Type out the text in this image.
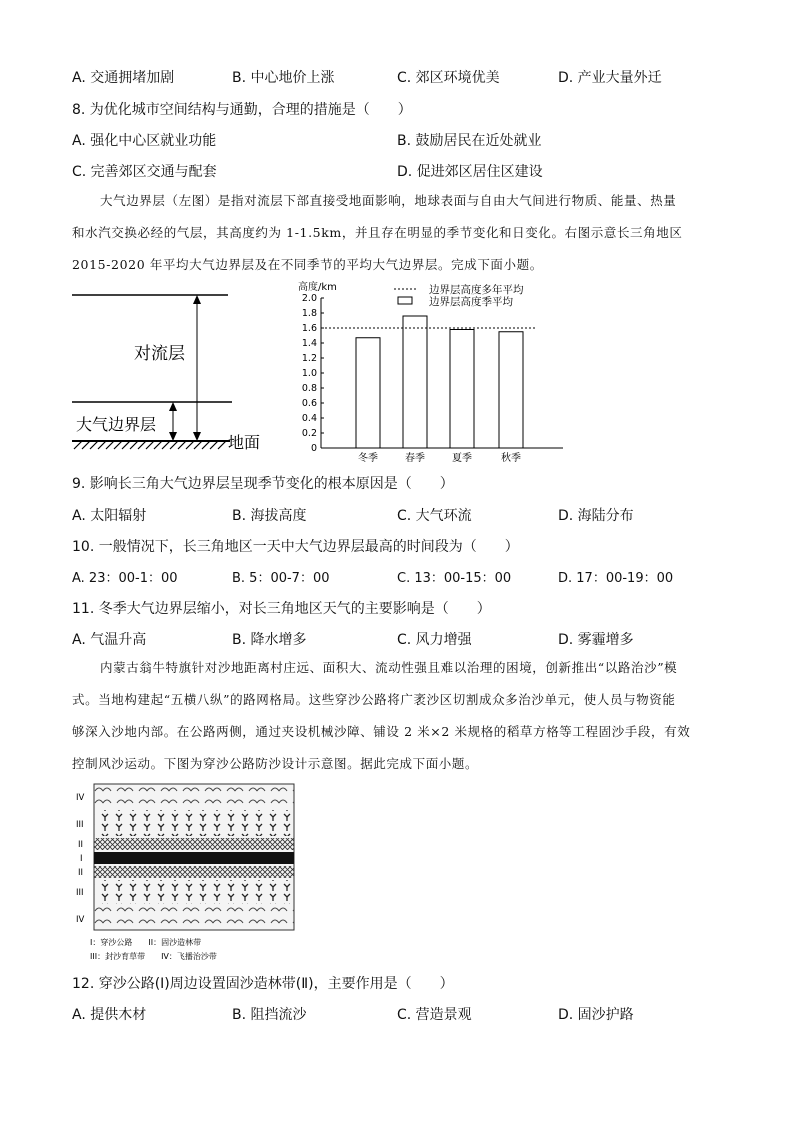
A. 交通拥堵加剧	B. 中心地价上涨	C. 郊区环境优美	D. 产业大量外迁
8. 为优化城市空间结构与通勤，合理的措施是（　　）
A. 强化中心区就业功能	B. 鼓励居民在近处就业
C. 完善郊区交通与配套	D. 促进郊区居住区建设
大气边界层（左图）是指对流层下部直接受地面影响，地球表面与自由大气间进行物质、能量、热量
和水汽交换必经的气层，其高度约为 1-1.5km，并且存在明显的季节变化和日变化。右图示意长三角地区
2015-2020 年平均大气边界层及在不同季节的平均大气边界层。完成下面小题。
对流层
大气边界层
地面
高度/km	边界层高度多年平均
边界层高度季平均
0
0.2
0.4
0.6
0.8
1.0
1.2
1.4
1.6
1.8
2.0
冬季	春季	夏季	秋季
9. 影响长三角大气边界层呈现季节变化的根本原因是（　　）
A. 太阳辐射	B. 海拔高度	C. 大气环流	D. 海陆分布
10. 一般情况下，长三角地区一天中大气边界层最高的时间段为（　　）
A. 23：00-1：00	B. 5：00-7：00	C. 13：00-15：00	D. 17：00-19：00
11. 冬季大气边界层缩小，对长三角地区天气的主要影响是（　　）
A. 气温升高	B. 降水增多	C. 风力增强	D. 雾霾增多
内蒙古翁牛特旗针对沙地距离村庄远、面积大、流动性强且难以治理的困境，创新推出“以路治沙”模
式。当地构建起“五横八纵”的路网格局。这些穿沙公路将广袤沙区切割成众多治沙单元，使人员与物资能
够深入沙地内部。在公路两侧，通过夹设机械沙障、铺设 2 米×2 米规格的稻草方格等工程固沙手段，有效
控制风沙运动。下图为穿沙公路防沙设计示意图。据此完成下面小题。
IV
III
II
I
II
III
IV
I：穿沙公路　　II：固沙造林带
III：封沙育草带　　IV：飞播治沙带
12. 穿沙公路(Ⅰ)周边设置固沙造林带(Ⅱ)，主要作用是（　　）
A. 提供木材	B. 阻挡流沙	C. 营造景观	D. 固沙护路
